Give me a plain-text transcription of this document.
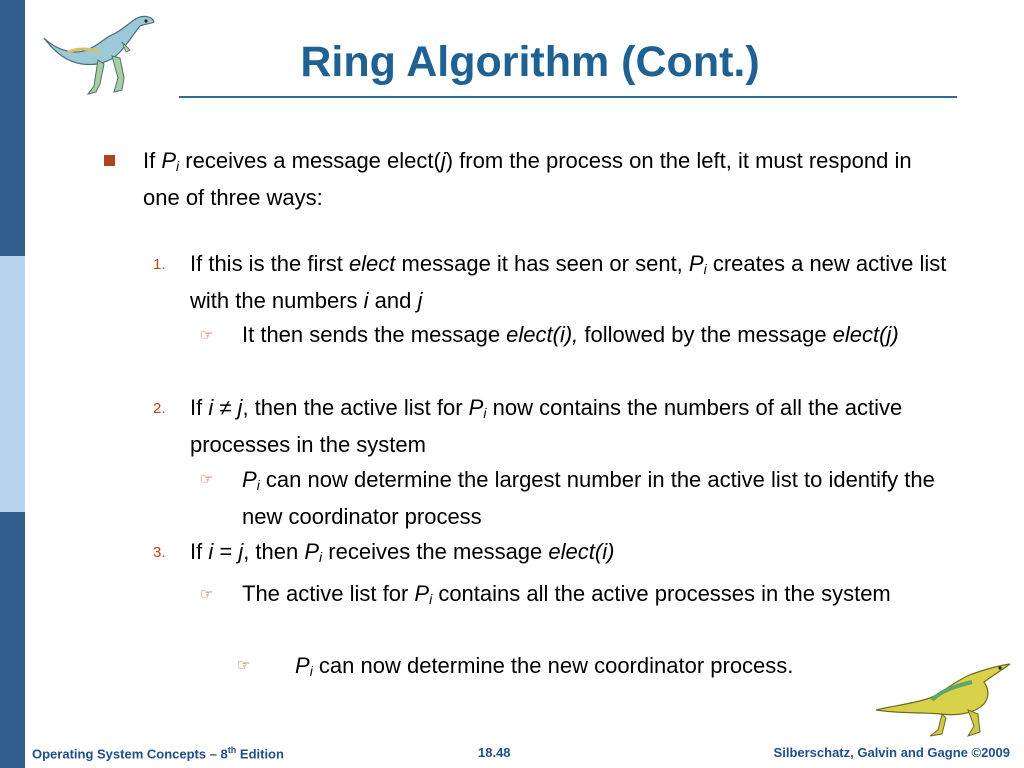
Ring Algorithm (Cont.)
If $P_i$ receives a message elect(j) from the process on the left, it must respond in one of three ways:
1. If this is the first elect message it has seen or sent, $P_i$ creates a new active list with the numbers i and j
☞ It then sends the message elect(i), followed by the message elect(j)
2. If i ≠ j, then the active list for $P_i$ now contains the numbers of all the active processes in the system
☞ $P_i$ can now determine the largest number in the active list to identify the new coordinator process
3. If i = j, then $P_i$ receives the message elect(i)
☞ The active list for $P_i$ contains all the active processes in the system
☞ $P_i$ can now determine the new coordinator process.
Operating System Concepts – 8th Edition	18.48	Silberschatz, Galvin and Gagne ©2009
